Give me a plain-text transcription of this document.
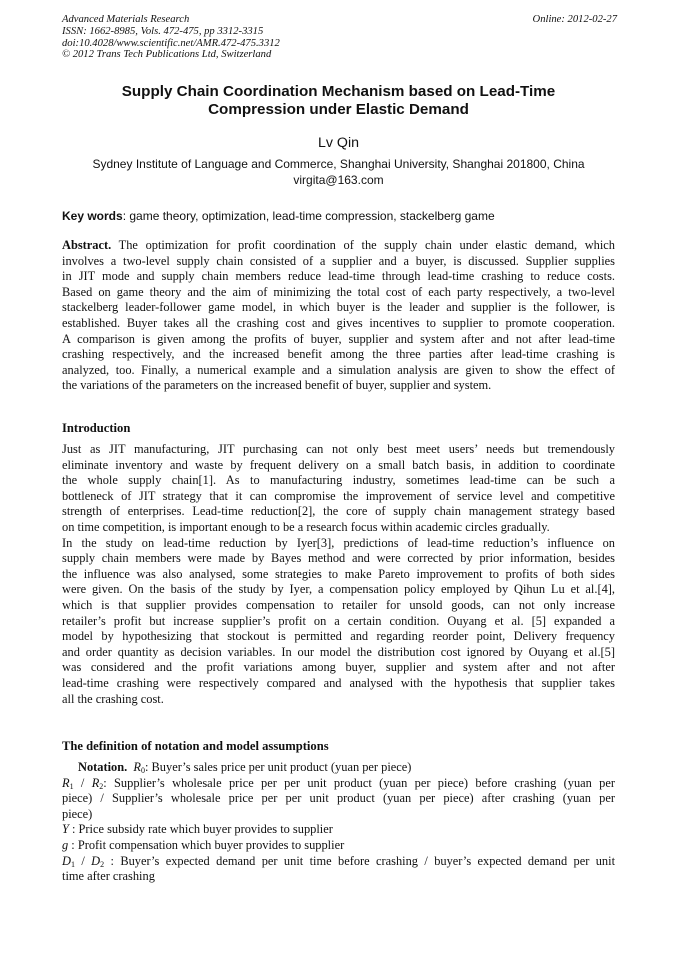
Advanced Materials Research
ISSN: 1662-8985, Vols. 472-475, pp 3312-3315
doi:10.4028/www.scientific.net/AMR.472-475.3312
© 2012 Trans Tech Publications Ltd, Switzerland
Online: 2012-02-27
Supply Chain Coordination Mechanism based on Lead-Time
Compression under Elastic Demand
Lv Qin
Sydney Institute of Language and Commerce, Shanghai University, Shanghai 201800, China
virgita@163.com
Key words: game theory, optimization, lead-time compression, stackelberg game
Abstract. The optimization for profit coordination of the supply chain under elastic demand, which
involves a two-level supply chain consisted of a supplier and a buyer, is discussed. Supplier supplies
in JIT mode and supply chain members reduce lead-time through lead-time crashing to reduce costs.
Based on game theory and the aim of minimizing the total cost of each party respectively, a two-level
stackelberg leader-follower game model, in which buyer is the leader and supplier is the follower, is
established. Buyer takes all the crashing cost and gives incentives to supplier to promote cooperation.
A comparison is given among the profits of buyer, supplier and system after and not after lead-time
crashing respectively, and the increased benefit among the three parties after lead-time crashing is
analyzed, too. Finally, a numerical example and a simulation analysis are given to show the effect of
the variations of the parameters on the increased benefit of buyer, supplier and system.
Introduction
Just as JIT manufacturing, JIT purchasing can not only best meet users’ needs but tremendously
eliminate inventory and waste by frequent delivery on a small batch basis, in addition to coordinate
the whole supply chain[1]. As to manufacturing industry, sometimes lead-time can be such a
bottleneck of JIT strategy that it can compromise the improvement of service level and competitive
strength of enterprises. Lead-time reduction[2], the core of supply chain management strategy based
on time competition, is important enough to be a research focus within academic circles gradually.
In the study on lead-time reduction by Iyer[3], predictions of lead-time reduction’s influence on
supply chain members were made by Bayes method and were corrected by prior information, besides
the influence was also analysed, some strategies to make Pareto improvement to profits of both sides
were given. On the basis of the study by Iyer, a compensation policy employed by Qihun Lu et al.[4],
which is that supplier provides compensation to retailer for unsold goods, can not only increase
retailer’s profit but increase supplier’s profit on a certain condition. Ouyang et al. [5] expanded a
model by hypothesizing that stockout is permitted and regarding reorder point, Delivery frequency
and order quantity as decision variables. In our model the distribution cost ignored by Ouyang et al.[5]
was considered and the profit variations among buyer, supplier and system after and not after
lead-time crashing were respectively compared and analysed with the hypothesis that supplier takes
all the crashing cost.
The definition of notation and model assumptions
Notation. $R_0$: Buyer’s sales price per unit product (yuan per piece)
$R_1 / R_2$: Supplier’s wholesale price per per unit product (yuan per piece) before crashing (yuan per
piece) / Supplier’s wholesale price per per unit product (yuan per piece) after crashing (yuan per
piece)
Y : Price subsidy rate which buyer provides to supplier
g : Profit compensation which buyer provides to supplier
$D_1 / D_2$ : Buyer’s expected demand per unit time before crashing / buyer’s expected demand per unit
time after crashing
